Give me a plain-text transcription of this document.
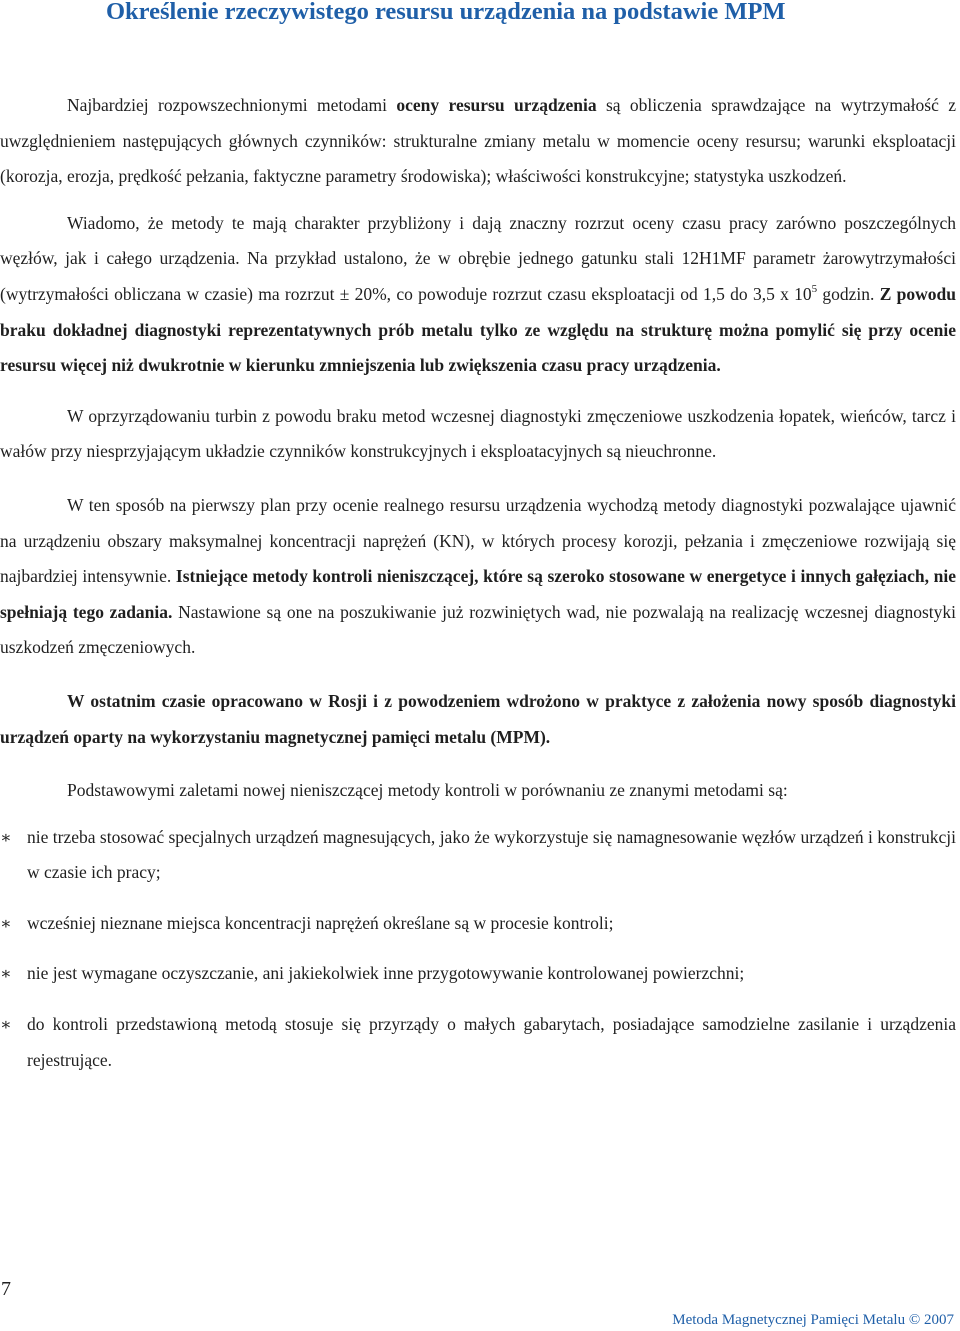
Określenie rzeczywistego resursu urządzenia na podstawie MPM

Najbardziej rozpowszechnionymi metodami oceny resursu urządzenia są obliczenia sprawdzające na wytrzymałość z uwzględnieniem następujących głównych czynników: strukturalne zmiany metalu w momencie oceny resursu; warunki eksploatacji (korozja, erozja, prędkość pełzania, faktyczne parametry środowiska); właściwości konstrukcyjne; statystyka uszkodzeń.

Wiadomo, że metody te mają charakter przybliżony i dają znaczny rozrzut oceny czasu pracy zarówno poszczególnych węzłów, jak i całego urządzenia. Na przykład ustalono, że w obrębie jednego gatunku stali 12H1MF parametr żarowytrzymałości (wytrzymałości obliczana w czasie) ma rozrzut ± 20%, co powoduje rozrzut czasu eksploatacji od 1,5 do 3,5 x $10^5$ godzin. Z powodu braku dokładnej diagnostyki reprezentatywnych prób metalu tylko ze względu na strukturę można pomylić się przy ocenie resursu więcej niż dwukrotnie w kierunku zmniejszenia lub zwiększenia czasu pracy urządzenia.

W oprzyrządowaniu turbin z powodu braku metod wczesnej diagnostyki zmęczeniowe uszkodzenia łopatek, wieńców, tarcz i wałów przy niesprzyjającym układzie czynników konstrukcyjnych i eksploatacyjnych są nieuchronne.

W ten sposób na pierwszy plan przy ocenie realnego resursu urządzenia wychodzą metody diagnostyki pozwalające ujawnić na urządzeniu obszary maksymalnej koncentracji naprężeń (KN), w których procesy korozji, pełzania i zmęczeniowe rozwijają się najbardziej intensywnie. Istniejące metody kontroli nieniszczącej, które są szeroko stosowane w energetyce i innych gałęziach, nie spełniają tego zadania. Nastawione są one na poszukiwanie już rozwiniętych wad, nie pozwalają na realizację wczesnej diagnostyki uszkodzeń zmęczeniowych.

W ostatnim czasie opracowano w Rosji i z powodzeniem wdrożono w praktyce z założenia nowy sposób diagnostyki urządzeń oparty na wykorzystaniu magnetycznej pamięci metalu (MPM).

Podstawowymi zaletami nowej nieniszczącej metody kontroli w porównaniu ze znanymi metodami są:

∗ nie trzeba stosować specjalnych urządzeń magnesujących, jako że wykorzystuje się namagnesowanie węzłów urządzeń i konstrukcji w czasie ich pracy;
∗ wcześniej nieznane miejsca koncentracji naprężeń określane są w procesie kontroli;
∗ nie jest wymagane oczyszczanie, ani jakiekolwiek inne przygotowywanie kontrolowanej powierzchni;
∗ do kontroli przedstawioną metodą stosuje się przyrządy o małych gabarytach, posiadające samodzielne zasilanie i urządzenia rejestrujące.
7
Metoda Magnetycznej Pamięci Metalu © 2007
